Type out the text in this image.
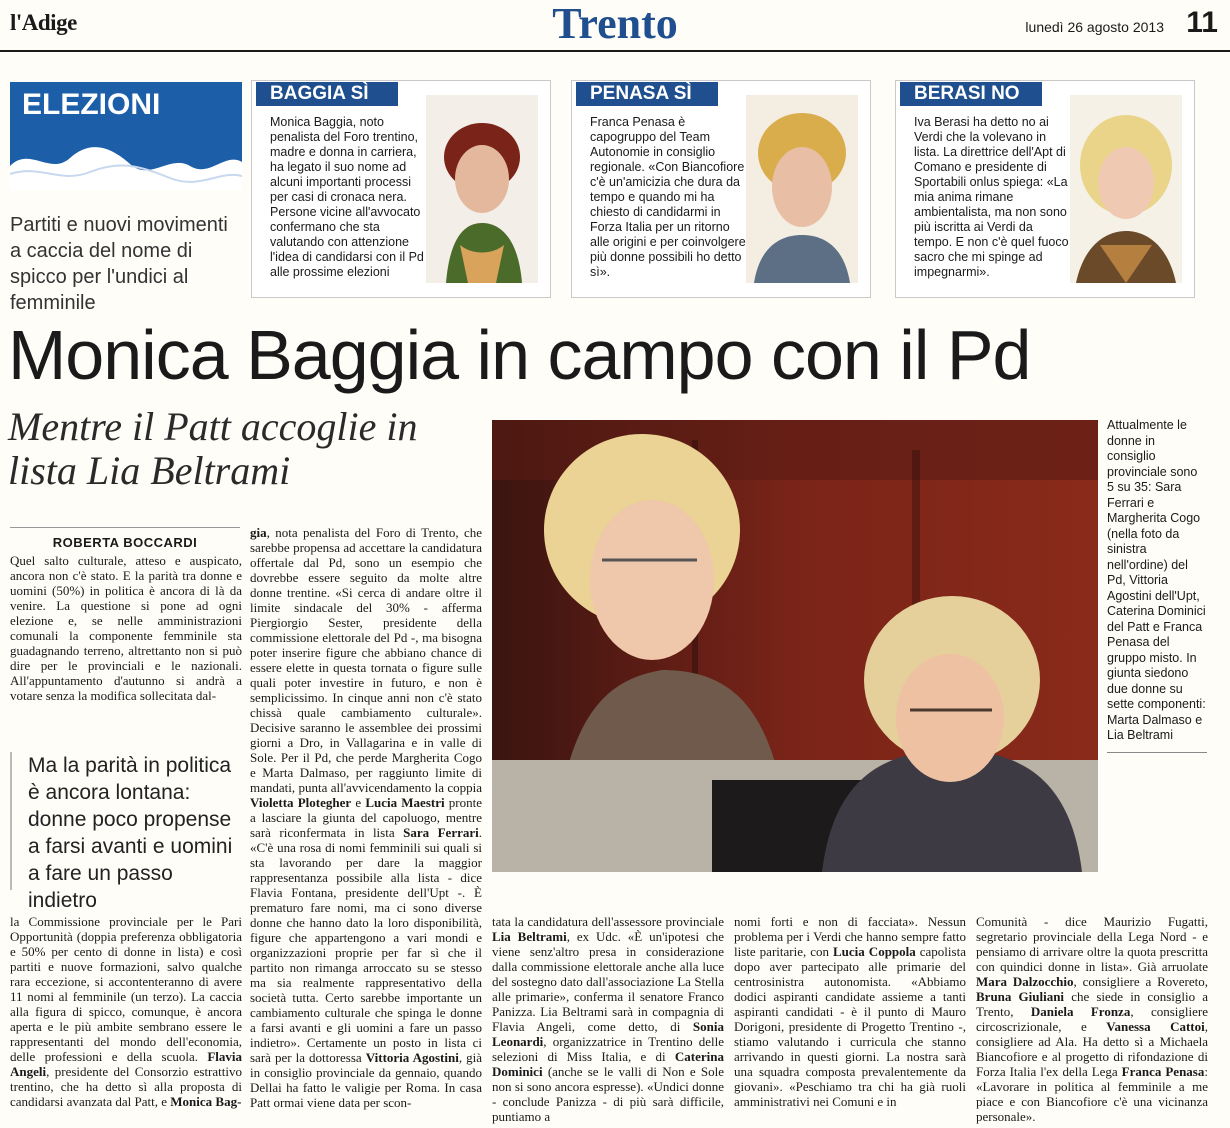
l'Adige	Trento	lunedì 26 agosto 2013 11
ELEZIONI
Partiti e nuovi movimenti a caccia del nome di spicco per l'undici al femminile
BAGGIA SÌ
Monica Baggia, noto penalista del Foro trentino, madre e donna in carriera, ha legato il suo nome ad alcuni importanti processi per casi di cronaca nera. Persone vicine all'avvocato confermano che sta valutando con attenzione l'idea di candidarsi con il Pd alle prossime elezioni
PENASA SÌ
Franca Penasa è capogruppo del Team Autonomie in consiglio regionale. «Con Biancofiore c'è un'amicizia che dura da tempo e quando mi ha chiesto di candidarmi in Forza Italia per un ritorno alle origini e per coinvolgere più donne possibili ho detto sì».
BERASI NO
Iva Berasi ha detto no ai Verdi che la volevano in lista. La direttrice dell'Apt di Comano e presidente di Sportabili onlus spiega: «La mia anima rimane ambientalista, ma non sono più iscritta ai Verdi da tempo. E non c'è quel fuoco sacro che mi spinge ad impegnarmi».
Monica Baggia in campo con il Pd
Mentre il Patt accoglie in lista Lia Beltrami
ROBERTA BOCCARDI
Quel salto culturale, atteso e auspicato, ancora non c'è stato. E la parità tra donne e uomini (50%) in politica è ancora di là da venire. La questione si pone ad ogni elezione e, se nelle amministrazioni comunali la componente femminile sta guadagnando terreno, altrettanto non si può dire per le provinciali e le nazionali. All'appuntamento d'autunno si andrà a votare senza la modifica sollecitata dal-
Ma la parità in politica è ancora lontana: donne poco propense a farsi avanti e uomini a fare un passo indietro
la Commissione provinciale per le Pari Opportunità (doppia preferenza obbligatoria e 50% per cento di donne in lista) e così partiti e nuove formazioni, salvo qualche rara eccezione, si accontenteranno di avere 11 nomi al femminile (un terzo). La caccia alla figura di spicco, comunque, è ancora aperta e le più ambite sembrano essere le rappresentanti del mondo dell'economia, delle professioni e della scuola. Flavia Angeli, presidente del Consorzio estrattivo trentino, che ha detto sì alla proposta di candidarsi avanzata dal Patt, e Monica Bag-
gia, nota penalista del Foro di Trento, che sarebbe propensa ad accettare la candidatura offertale dal Pd, sono un esempio che dovrebbe essere seguito da molte altre donne trentine. «Si cerca di andare oltre il limite sindacale del 30% - afferma Piergiorgio Sester, presidente della commissione elettorale del Pd -, ma bisogna poter inserire figure che abbiano chance di essere elette in questa tornata o figure sulle quali poter investire in futuro, e non è semplicissimo. In cinque anni non c'è stato chissà quale cambiamento culturale». Decisive saranno le assemblee dei prossimi giorni a Dro, in Vallagarina e in valle di Sole. Per il Pd, che perde Margherita Cogo e Marta Dalmaso, per raggiunto limite di mandati, punta all'avvicendamento la coppia Violetta Plotegher e Lucia Maestri pronte a lasciare la giunta del capoluogo, mentre sarà riconfermata in lista Sara Ferrari. «C'è una rosa di nomi femminili sui quali si sta lavorando per dare la maggior rappresentanza possibile alla lista - dice Flavia Fontana, presidente dell'Upt -. È prematuro fare nomi, ma ci sono diverse donne che hanno dato la loro disponibilità, figure che appartengono a vari mondi e organizzazioni proprie per far sì che il partito non rimanga arroccato su se stesso ma sia realmente rappresentativo della società tutta. Certo sarebbe importante un cambiamento culturale che spinga le donne a farsi avanti e gli uomini a fare un passo indietro». Certamente un posto in lista ci sarà per la dottoressa Vittoria Agostini, già in consiglio provinciale da gennaio, quando Dellai ha fatto le valigie per Roma. In casa Patt ormai viene data per scon-
Attualmente le donne in consiglio provinciale sono 5 su 35: Sara Ferrari e Margherita Cogo (nella foto da sinistra nell'ordine) del Pd, Vittoria Agostini dell'Upt, Caterina Dominici del Patt e Franca Penasa del gruppo misto. In giunta siedono due donne su sette componenti: Marta Dalmaso e Lia Beltrami
tata la candidatura dell'assessore provinciale Lia Beltrami, ex Udc. «È un'ipotesi che viene senz'altro presa in considerazione dalla commissione elettorale anche alla luce del sostegno dato dall'associazione La Stella alle primarie», conferma il senatore Franco Panizza. Lia Beltrami sarà in compagnia di Flavia Angeli, come detto, di Sonia Leonardi, organizzatrice in Trentino delle selezioni di Miss Italia, e di Caterina Dominici (anche se le valli di Non e Sole non si sono ancora espresse). «Undici donne - conclude Panizza - di più sarà difficile, puntiamo a
nomi forti e non di facciata». Nessun problema per i Verdi che hanno sempre fatto liste paritarie, con Lucia Coppola capolista dopo aver partecipato alle primarie del centrosinistra autonomista. «Abbiamo dodici aspiranti candidate assieme a tanti aspiranti candidati - è il punto di Mauro Dorigoni, presidente di Progetto Trentino -, stiamo valutando i curricula che stanno arrivando in questi giorni. La nostra sarà una squadra composta prevalentemente da giovani». «Peschiamo tra chi ha già ruoli amministrativi nei Comuni e in
Comunità - dice Maurizio Fugatti, segretario provinciale della Lega Nord - e pensiamo di arrivare oltre la quota prescritta con quindici donne in lista». Già arruolate Mara Dalzocchio, consigliere a Rovereto, Bruna Giuliani che siede in consiglio a Trento, Daniela Fronza, consigliere circoscrizionale, e Vanessa Cattoi, consigliere ad Ala. Ha detto sì a Michaela Biancofiore e al progetto di rifondazione di Forza Italia l'ex della Lega Franca Penasa: «Lavorare in politica al femminile a me piace e con Biancofiore c'è una vicinanza personale».
